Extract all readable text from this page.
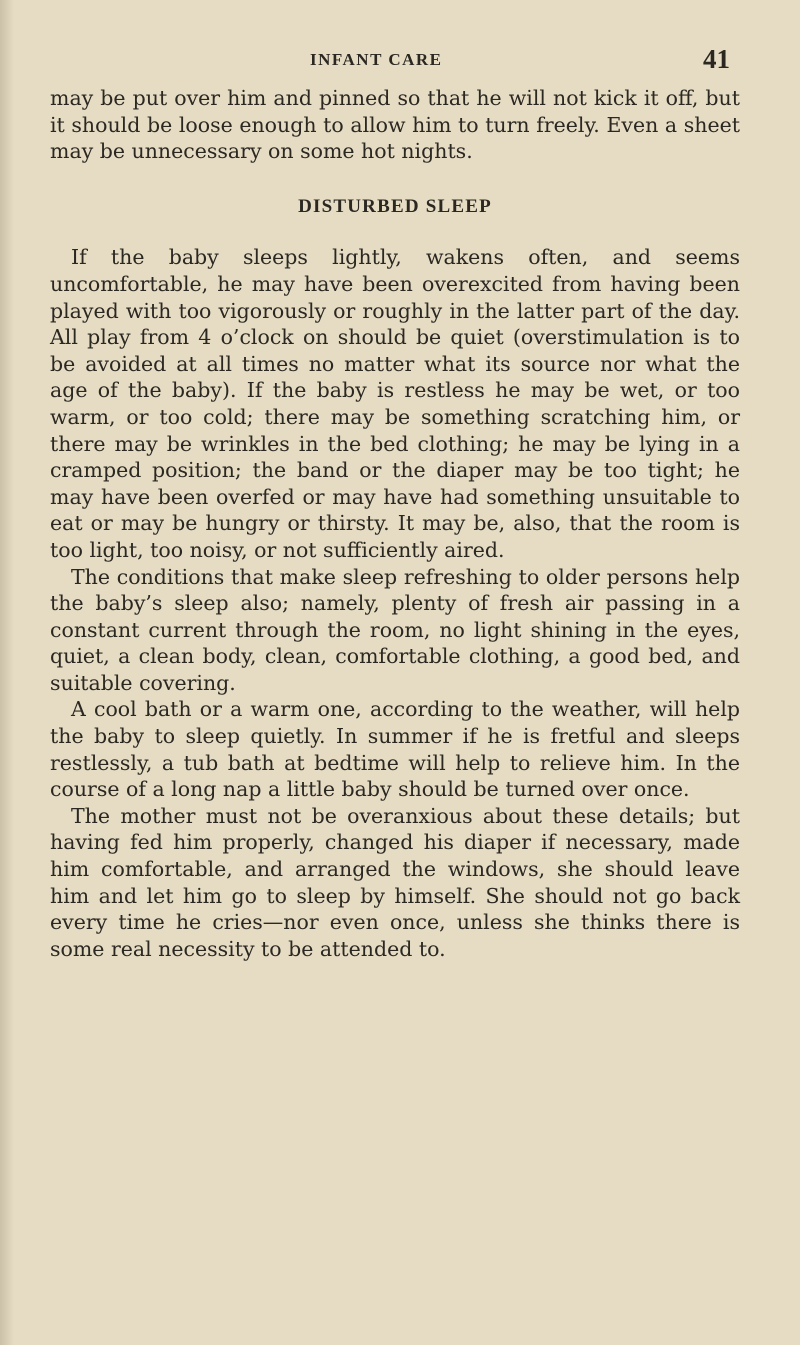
INFANT CARE	41

may be put over him and pinned so that he will not kick it off, but it should be loose enough to allow him to turn freely. Even a sheet may be unnecessary on some hot nights.

DISTURBED SLEEP

If the baby sleeps lightly, wakens often, and seems uncomfortable, he may have been overexcited from having been played with too vigorously or roughly in the latter part of the day. All play from 4 o’clock on should be quiet (overstimulation is to be avoided at all times no matter what its source nor what the age of the baby). If the baby is restless he may be wet, or too warm, or too cold; there may be something scratching him, or there may be wrinkles in the bed clothing; he may be lying in a cramped position; the band or the diaper may be too tight; he may have been overfed or may have had something unsuitable to eat or may be hungry or thirsty. It may be, also, that the room is too light, too noisy, or not sufficiently aired.

The conditions that make sleep refreshing to older persons help the baby’s sleep also; namely, plenty of fresh air passing in a constant current through the room, no light shining in the eyes, quiet, a clean body, clean, comfortable clothing, a good bed, and suitable covering.

A cool bath or a warm one, according to the weather, will help the baby to sleep quietly. In summer if he is fretful and sleeps restlessly, a tub bath at bedtime will help to relieve him. In the course of a long nap a little baby should be turned over once.

The mother must not be overanxious about these details; but having fed him properly, changed his diaper if necessary, made him comfortable, and arranged the windows, she should leave him and let him go to sleep by himself. She should not go back every time he cries—nor even once, unless she thinks there is some real necessity to be attended to.
